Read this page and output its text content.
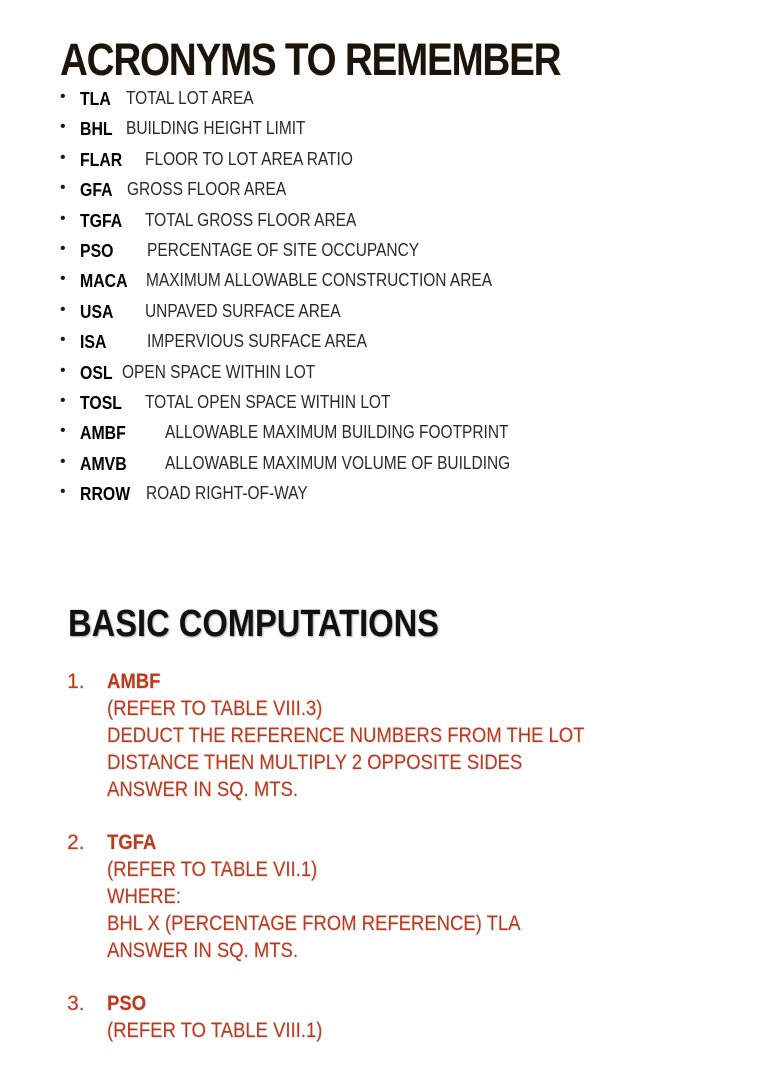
ACRONYMS TO REMEMBER
• TLA TOTAL LOT AREA
• BHL BUILDING HEIGHT LIMIT
• FLAR FLOOR TO LOT AREA RATIO
• GFA GROSS FLOOR AREA
• TGFA TOTAL GROSS FLOOR AREA
• PSO PERCENTAGE OF SITE OCCUPANCY
• MACA MAXIMUM ALLOWABLE CONSTRUCTION AREA
• USA UNPAVED SURFACE AREA
• ISA IMPERVIOUS SURFACE AREA
• OSL OPEN SPACE WITHIN LOT
• TOSL TOTAL OPEN SPACE WITHIN LOT
• AMBF ALLOWABLE MAXIMUM BUILDING FOOTPRINT
• AMVB ALLOWABLE MAXIMUM VOLUME OF BUILDING
• RROW ROAD RIGHT-OF-WAY
BASIC COMPUTATIONS
1. AMBF
(REFER TO TABLE VIII.3)
DEDUCT THE REFERENCE NUMBERS FROM THE LOT
DISTANCE THEN MULTIPLY 2 OPPOSITE SIDES
ANSWER IN SQ. MTS.
2. TGFA
(REFER TO TABLE VII.1)
WHERE:
BHL X (PERCENTAGE FROM REFERENCE) TLA
ANSWER IN SQ. MTS.
3. PSO
(REFER TO TABLE VIII.1)
